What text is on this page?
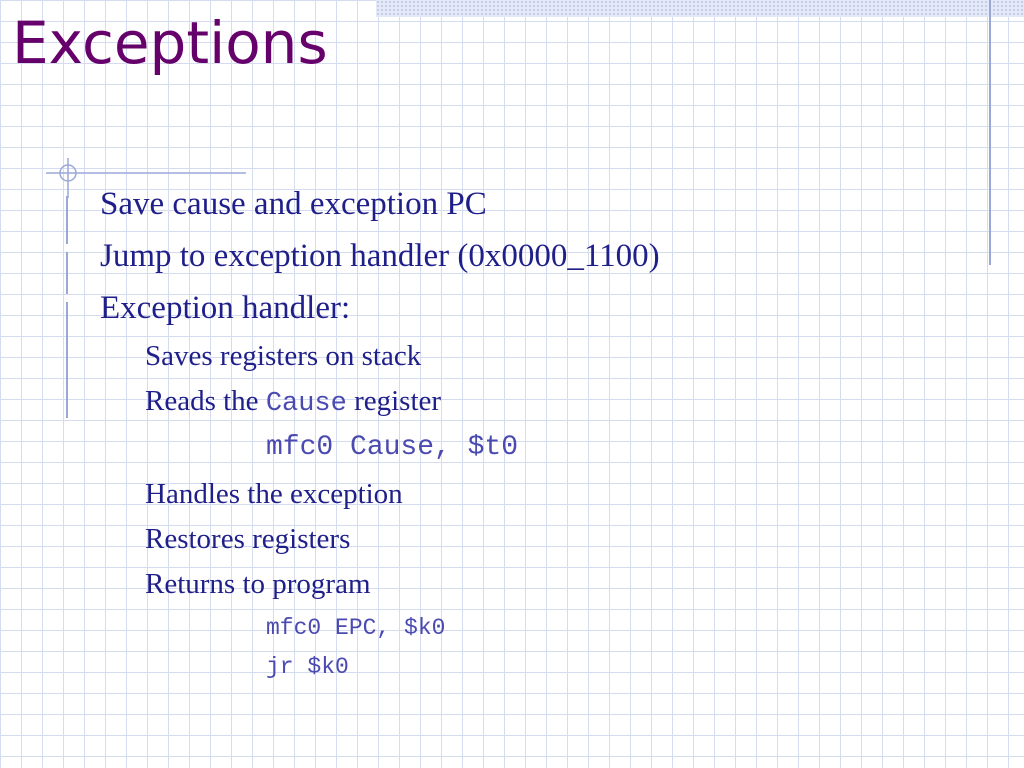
Exceptions
Save cause and exception PC
Jump to exception handler (0x0000_1100)
Exception handler:
Saves registers on stack
Reads the Cause register
mfc0 Cause, $t0
Handles the exception
Restores registers
Returns to program
mfc0 EPC, $k0
jr $k0
